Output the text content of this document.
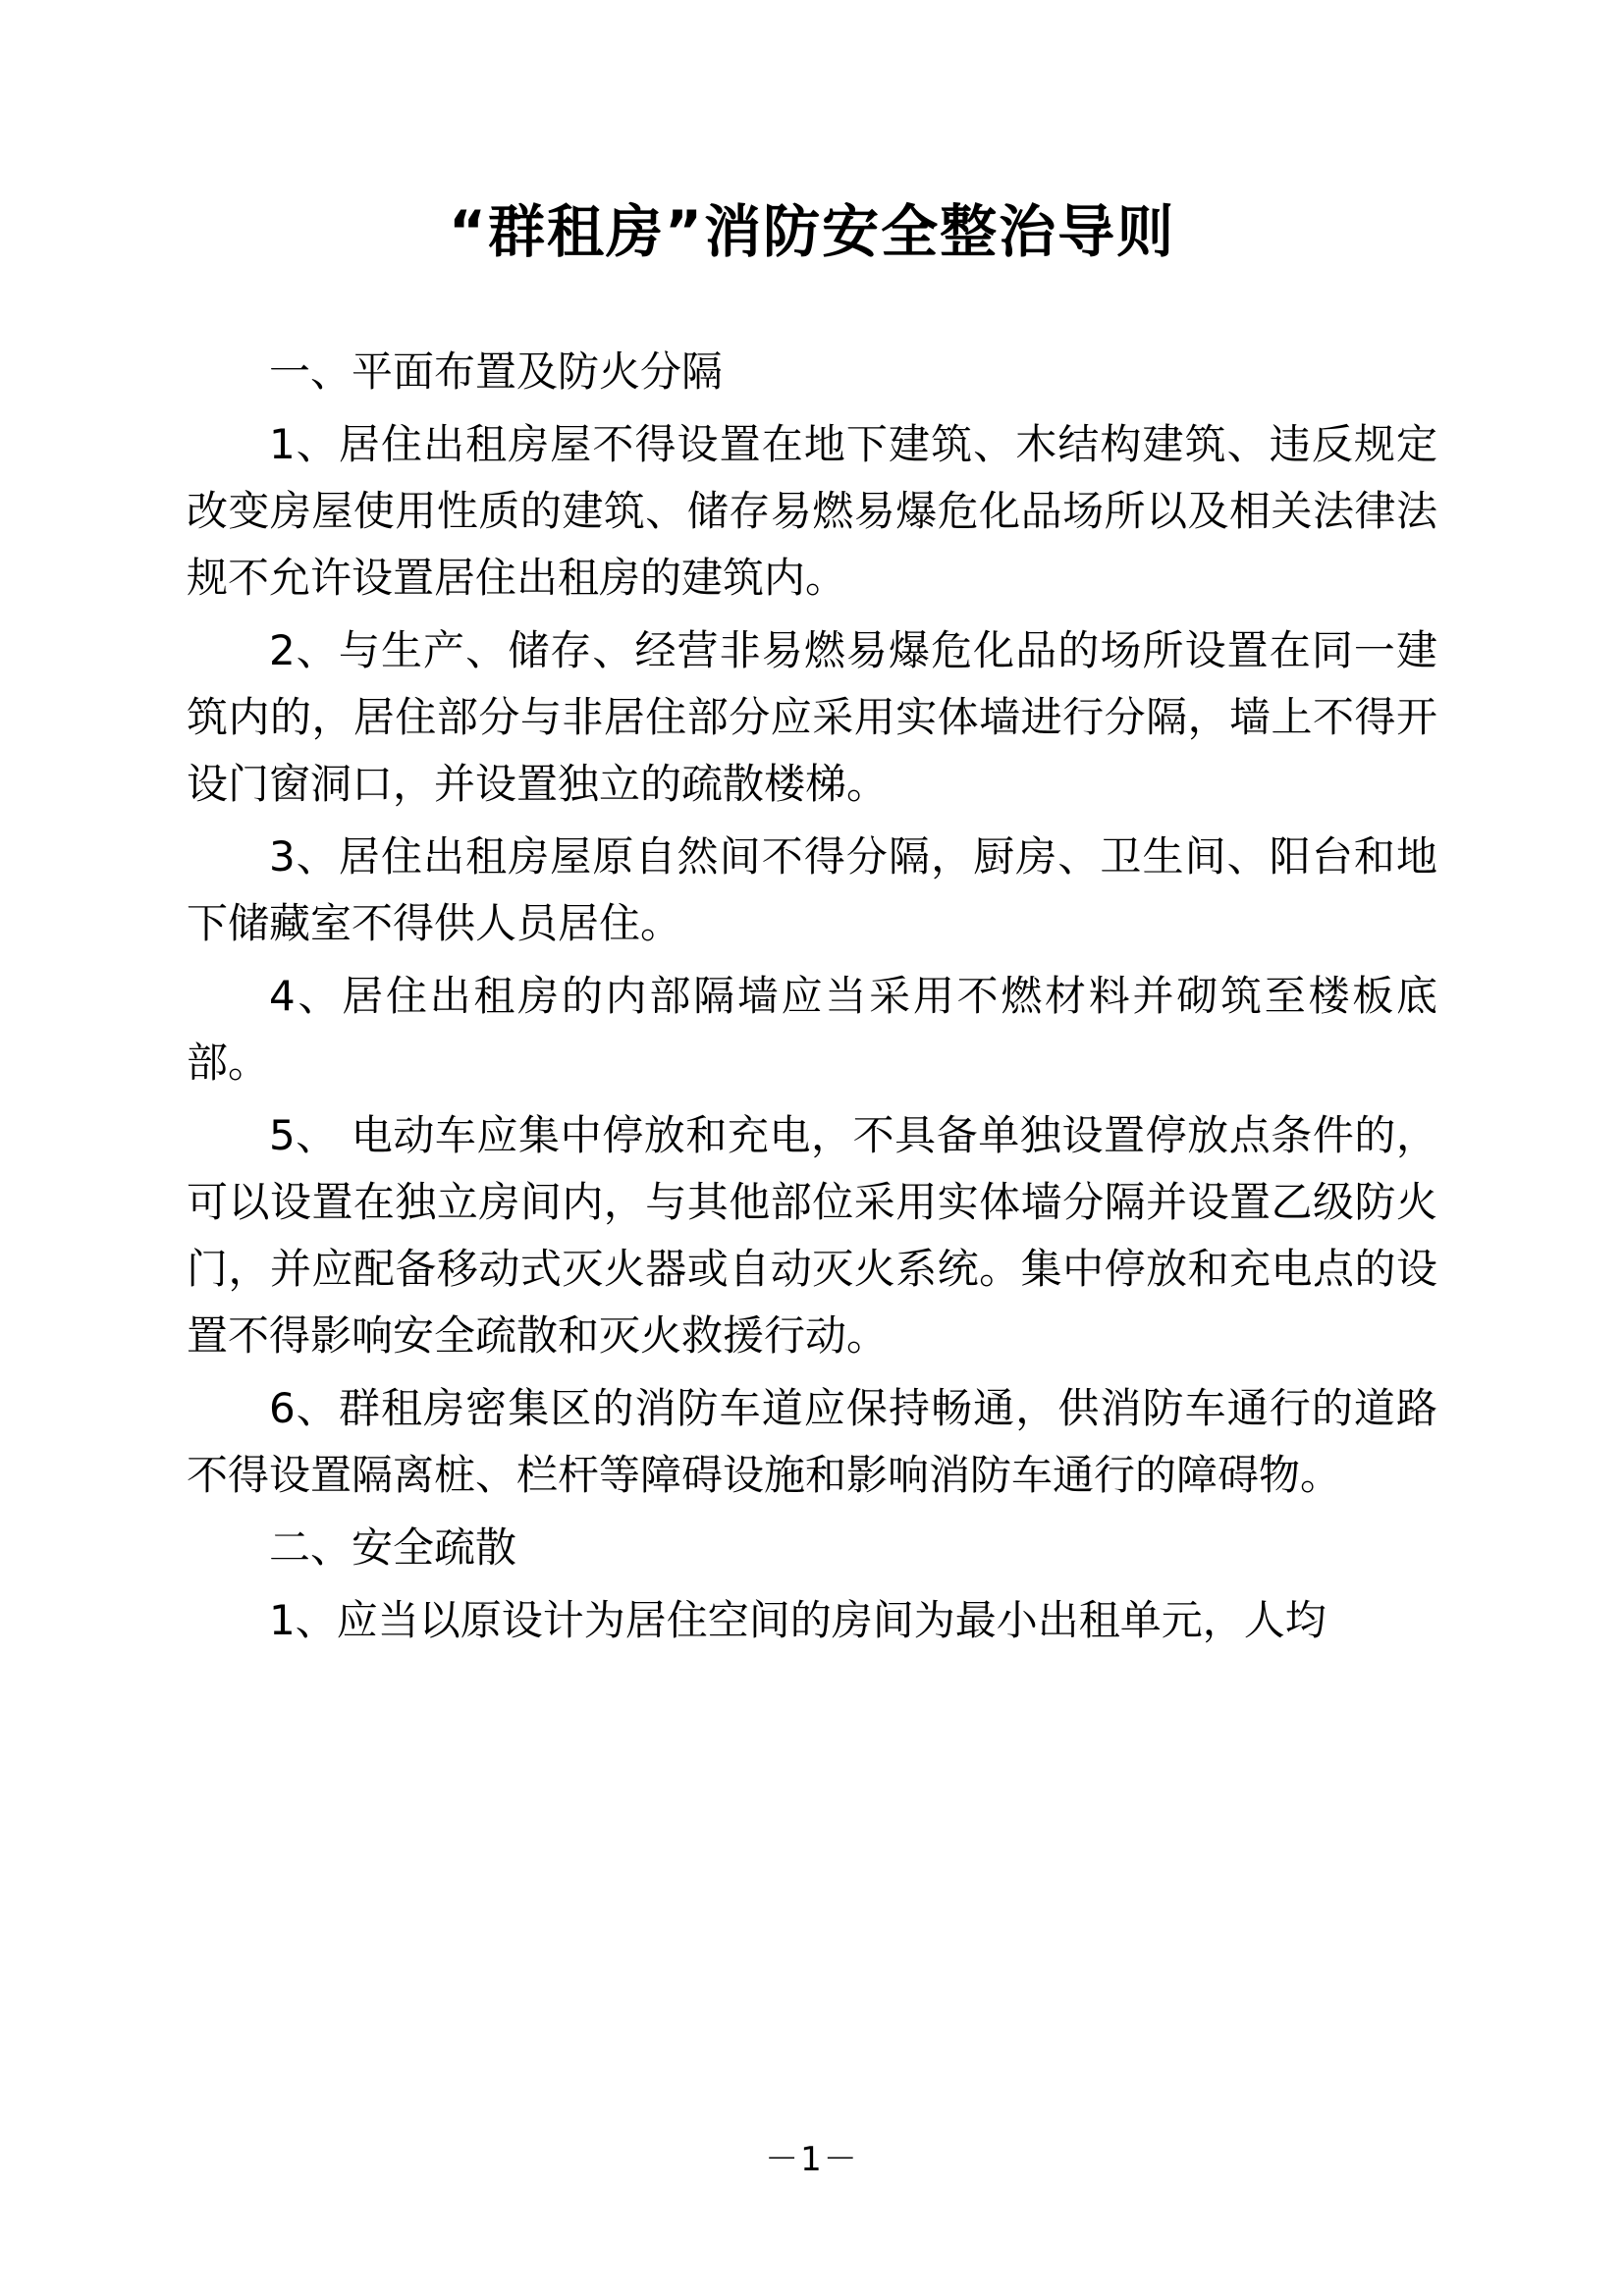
“群租房”消防安全整治导则

一、平面布置及防火分隔

1、居住出租房屋不得设置在地下建筑、木结构建筑、违反规定改变房屋使用性质的建筑、储存易燃易爆危化品场所以及相关法律法规不允许设置居住出租房的建筑内。

2、与生产、储存、经营非易燃易爆危化品的场所设置在同一建筑内的，居住部分与非居住部分应采用实体墙进行分隔，墙上不得开设门窗洞口，并设置独立的疏散楼梯。

3、居住出租房屋原自然间不得分隔，厨房、卫生间、阳台和地下储藏室不得供人员居住。

4、居住出租房的内部隔墙应当采用不燃材料并砌筑至楼板底部。

5、 电动车应集中停放和充电，不具备单独设置停放点条件的，可以设置在独立房间内，与其他部位采用实体墙分隔并设置乙级防火门，并应配备移动式灭火器或自动灭火系统。集中停放和充电点的设置不得影响安全疏散和灭火救援行动。

6、群租房密集区的消防车道应保持畅通，供消防车通行的道路不得设置隔离桩、栏杆等障碍设施和影响消防车通行的障碍物。

二、安全疏散

1、应当以原设计为居住空间的房间为最小出租单元，人均

－1－
